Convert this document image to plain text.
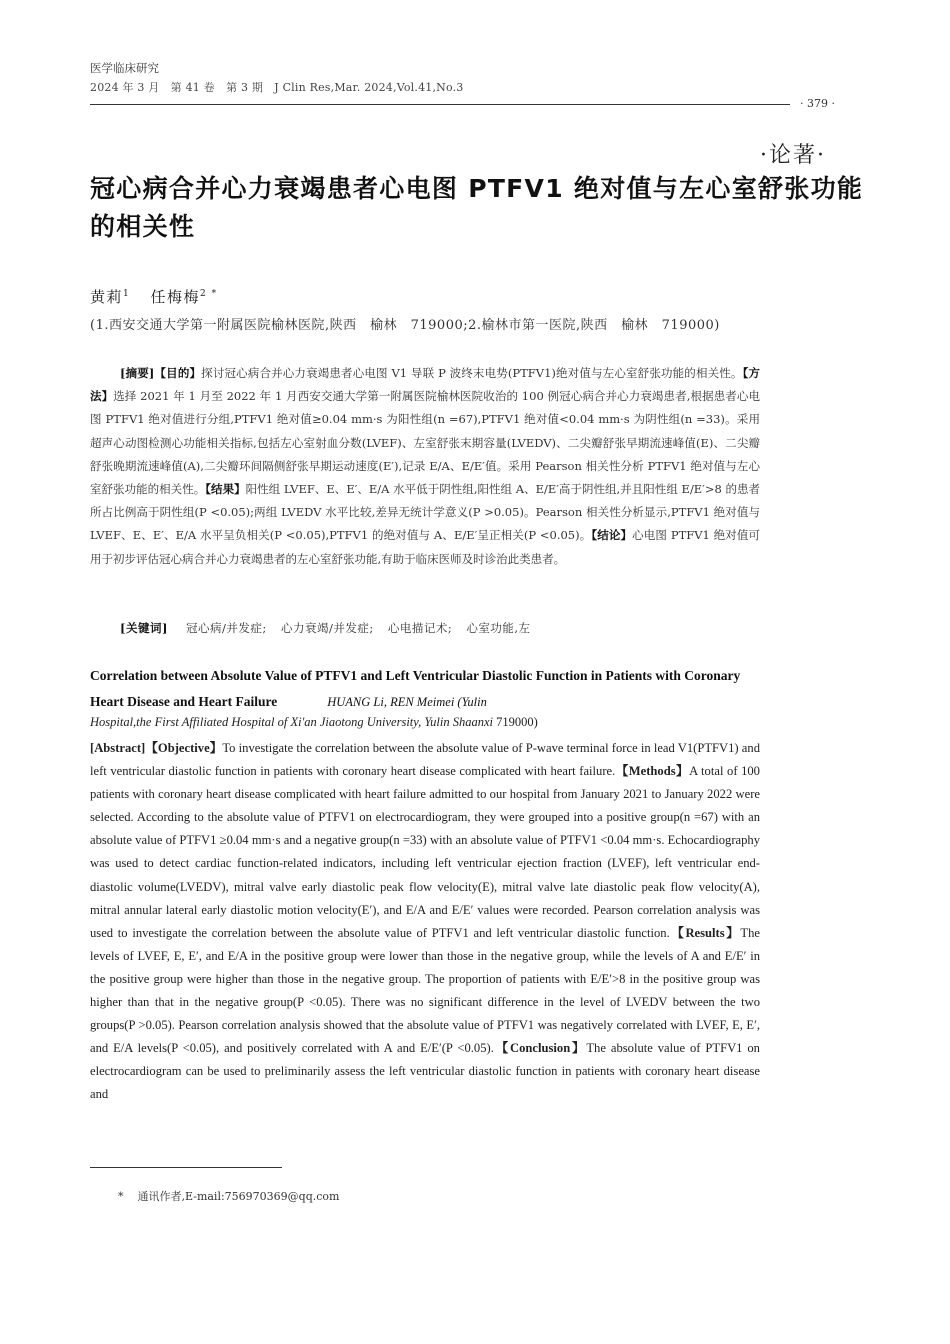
医学临床研究
2024 年 3 月　第 41 卷　第 3 期　J Clin Res,Mar. 2024,Vol.41,No.3
· 379 ·
·论著·
冠心病合并心力衰竭患者心电图 PTFV1 绝对值与左心室舒张功能的相关性
黄莉$^1$ 任梅梅$^{2 *}$
(1.西安交通大学第一附属医院榆林医院,陕西　榆林　719000;2.榆林市第一医院,陕西　榆林　719000)
[摘要]【目的】探讨冠心病合并心力衰竭患者心电图 V1 导联 P 波终末电势(PTFV1)绝对值与左心室舒张功能的相关性。【方法】选择 2021 年 1 月至 2022 年 1 月西安交通大学第一附属医院榆林医院收治的 100 例冠心病合并心力衰竭患者,根据患者心电图 PTFV1 绝对值进行分组,PTFV1 绝对值≥0.04 mm·s 为阳性组(n =67),PTFV1 绝对值<0.04 mm·s 为阴性组(n =33)。采用超声心动图检测心功能相关指标,包括左心室射血分数(LVEF)、左室舒张末期容量(LVEDV)、二尖瓣舒张早期流速峰值(E)、二尖瓣舒张晚期流速峰值(A),二尖瓣环间隔侧舒张早期运动速度(E′),记录 E/A、E/E′值。采用 Pearson 相关性分析 PTFV1 绝对值与左心室舒张功能的相关性。【结果】阳性组 LVEF、E、E′、E/A 水平低于阴性组,阳性组 A、E/E′高于阴性组,并且阳性组 E/E′>8 的患者所占比例高于阴性组(P <0.05);两组 LVEDV 水平比较,差异无统计学意义(P >0.05)。Pearson 相关性分析显示,PTFV1 绝对值与 LVEF、E、E′、E/A 水平呈负相关(P <0.05),PTFV1 的绝对值与 A、E/E′呈正相关(P <0.05)。【结论】心电图 PTFV1 绝对值可用于初步评估冠心病合并心力衰竭患者的左心室舒张功能,有助于临床医师及时诊治此类患者。
[关键词] 冠心病/并发症; 心力衰竭/并发症; 心电描记术; 心室功能,左
Correlation between Absolute Value of PTFV1 and Left Ventricular Diastolic Function in Patients with Coronary Heart Disease and Heart Failure	HUANG Li, REN Meimei (Yulin
Hospital,the First Affiliated Hospital of Xi'an Jiaotong University, Yulin Shaanxi 719000)
[Abstract]【Objective】To investigate the correlation between the absolute value of P-wave terminal force in lead V1(PTFV1) and left ventricular diastolic function in patients with coronary heart disease complicated with heart failure.【Methods】A total of 100 patients with coronary heart disease complicated with heart failure admitted to our hospital from January 2021 to January 2022 were selected. According to the absolute value of PTFV1 on electrocardiogram, they were grouped into a positive group(n =67) with an absolute value of PTFV1 ≥0.04 mm·s and a negative group(n =33) with an absolute value of PTFV1 <0.04 mm·s. Echocardiography was used to detect cardiac function-related indicators, including left ventricular ejection fraction (LVEF), left ventricular end-diastolic volume(LVEDV), mitral valve early diastolic peak flow velocity(E), mitral valve late diastolic peak flow velocity(A), mitral annular lateral early diastolic motion velocity(E′), and E/A and E/E′ values were recorded. Pearson correlation analysis was used to investigate the correlation between the absolute value of PTFV1 and left ventricular diastolic function.【Results】The levels of LVEF, E, E′, and E/A in the positive group were lower than those in the negative group, while the levels of A and E/E′ in the positive group were higher than those in the negative group. The proportion of patients with E/E′>8 in the positive group was higher than that in the negative group(P <0.05). There was no significant difference in the level of LVEDV between the two groups(P >0.05). Pearson correlation analysis showed that the absolute value of PTFV1 was negatively correlated with LVEF, E, E′, and E/A levels(P <0.05), and positively correlated with A and E/E′(P <0.05).【Conclusion】The absolute value of PTFV1 on electrocardiogram can be used to preliminarily assess the left ventricular diastolic function in patients with coronary heart disease and
* 通讯作者,E-mail:756970369@qq.com
